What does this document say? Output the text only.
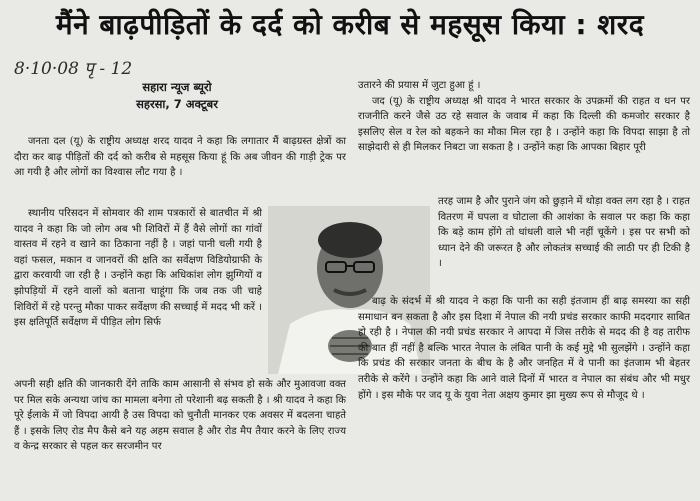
मैंने बाढ़पीड़ितों के दर्द को करीब से महसूस किया : शरद
8·10·08 पृ - 12
सहारा न्यूज ब्यूरो
सहरसा, 7 अक्टूबर

जनता दल (यू) के राष्ट्रीय अध्यक्ष शरद यादव ने कहा कि लगातार मैं बाढ़ग्रस्त क्षेत्रों का दौरा कर बाढ़ पीड़ितों की दर्द को करीब से महसूस किया हूं कि अब जीवन की गाड़ी ट्रेक पर आ गयी है और लोगों का विश्वास लौट गया है ।

स्थानीय परिसदन में सोमवार की शाम पत्रकारों से बातचीत में श्री यादव ने कहा कि जो लोग अब भी शिविरों में हैं वैसे लोगों का गांवों वास्तव में रहने व खाने का ठिकाना नहीं है । जहां पानी चली गयी है वहां फसल, मकान व जानवरों की क्षति का सर्वेक्षण विडियोग्राफी के द्वारा करवायी जा रही है । उन्होंने कहा कि अधिकांश लोग झुग्गियों व झोपड़ियों में रहने वालों को बताना चाहूंगा कि जब तक जी चाहे शिविरों में रहे परन्तु मौका पाकर सर्वेक्षण की सच्चाई में मदद भी करें । इस क्षतिपूर्ति सर्वेक्षण में पीड़ित लोग सिर्फ

अपनी सही क्षति की जानकारी देंगे ताकि काम आसानी से संभव हो सके और मुआवजा वक्त पर मिल सके अन्यथा जांच का मामला बनेगा तो परेशानी बढ़ सकती है । श्री यादव ने कहा कि पूरे ईलाके में जो विपदा आयी है उस विपदा को चुनौती मानकर एक अवसर में बदलना चाहते हैं । इसके लिए रोड मैप कैसे बने यह अहम सवाल है और रोड मैप तैयार करने के लिए राज्य व केन्द्र सरकार से पहल कर सरजमीन पर

उतारने की प्रयास में जुटा हुआ हूं ।

जद (यू) के राष्ट्रीय अध्यक्ष श्री यादव ने भारत सरकार के उपक्रमों की राहत व धन पर राजनीति करने जैसे उठ रहे सवाल के जवाब में कहा कि दिल्ली की कमजोर सरकार है इसलिए सेल व रेल को बहकने का मौका मिल रहा है । उन्होंने कहा कि विपदा साझा है तो साझेदारी से ही मिलकर निबटा जा सकता है । उन्होंने कहा कि आपका बिहार पूरी

तरह जाम है और पुराने जंग को छुड़ाने में थोड़ा वक्त लग रहा है । राहत वितरण में घपला व घोटाला की आशंका के सवाल पर कहा कि कहा कि बड़े काम होंगे तो धांधली वाले भी नहीं चूकेंगे । इस पर सभी को ध्यान देने की जरूरत है और लोकतंत्र सच्चाई की लाठी पर ही टिकी है ।

बाढ़ के संदर्भ में श्री यादव ने कहा कि पानी का सही इंतजाम हीं बाढ़ समस्या का सही समाधान बन सकता है और इस दिशा में नेपाल की नयी प्रचंड सरकार काफी मददगार साबित हो रही है । नेपाल की नयी प्रचंड सरकार ने आपदा में जिस तरीके से मदद की है वह तारीफ की बात हीं नहीं है बल्कि भारत नेपाल के लंबित पानी के कई मुद्दे भी सुलझेंगे । उन्होंने कहा कि प्रचंड की सरकार जनता के बीच के है और जनहित में वे पानी का इंतजाम भी बेहतर तरीके से करेंगे । उन्होंने कहा कि आने वाले दिनों में भारत व नेपाल का संबंध और भी मधुर होंगे । इस मौके पर जद यू के युवा नेता अक्षय कुमार झा मुख्य रूप से मौजूद थे ।
